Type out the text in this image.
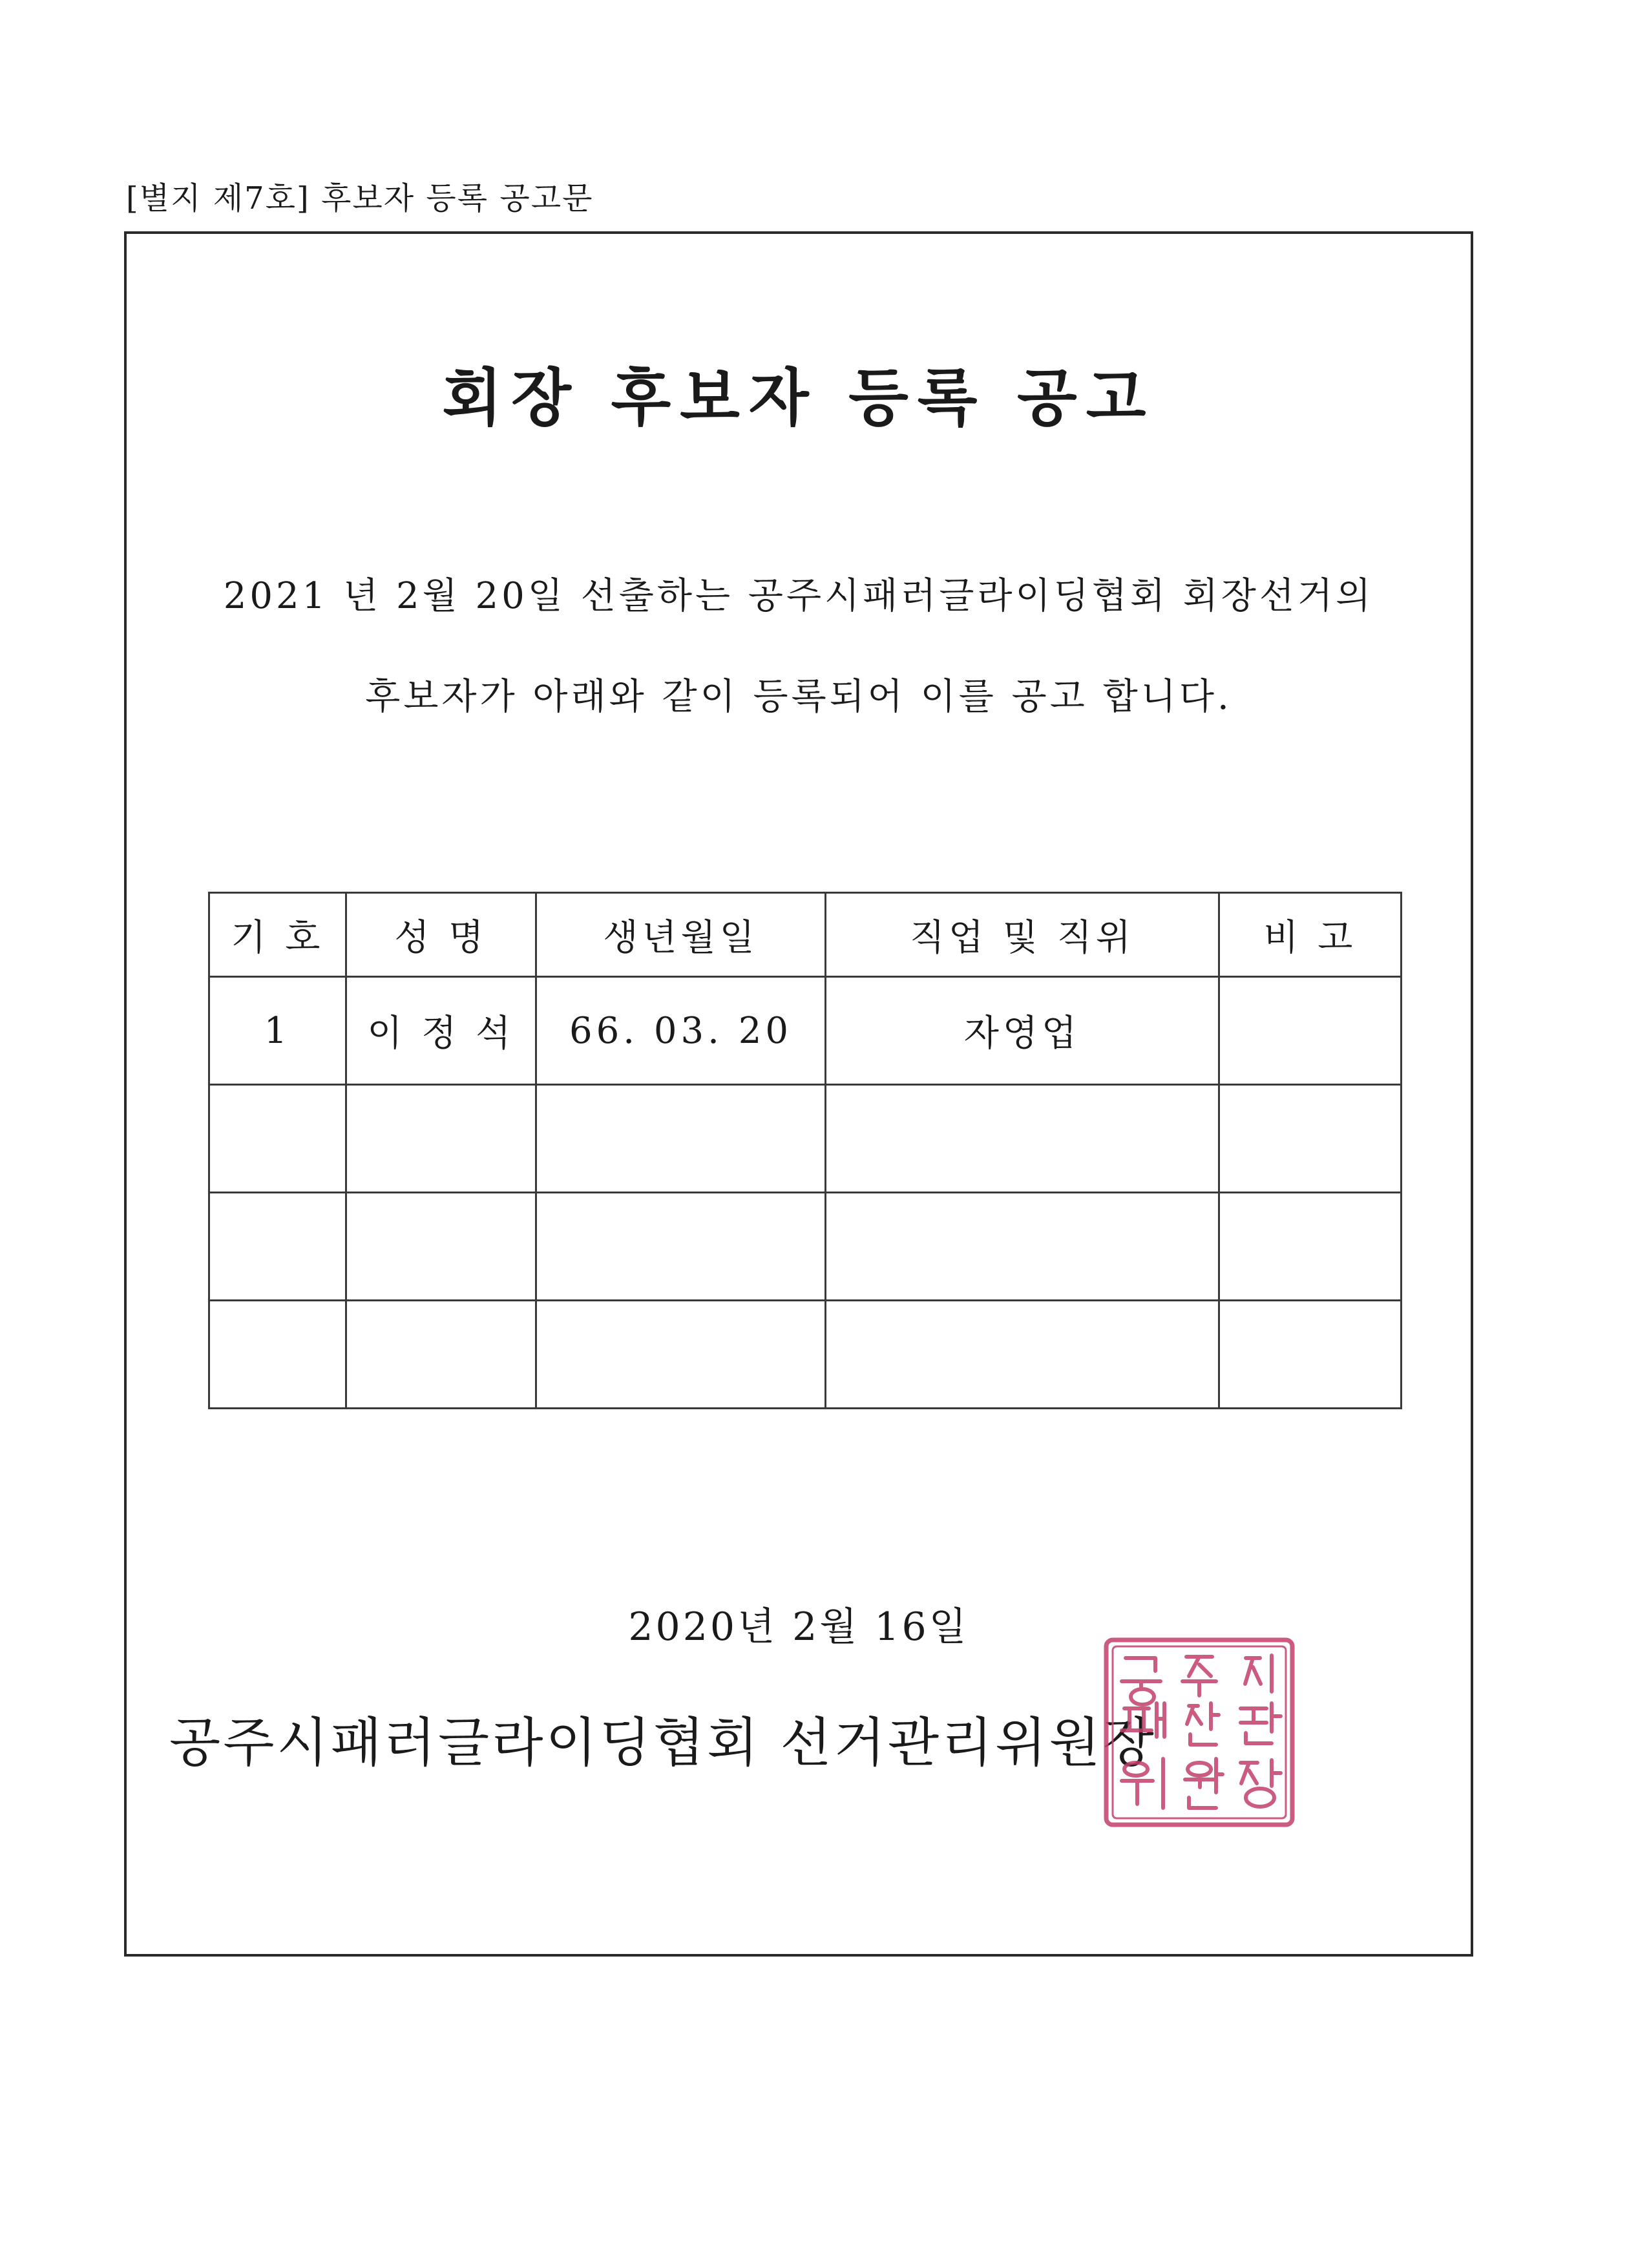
[별지 제7호] 후보자 등록 공고문
회장 후보자 등록 공고
2021 년 2월 20일 선출하는 공주시패러글라이딩협회 회장선거의
후보자가 아래와 같이 등록되어 이를 공고 합니다.
기 호	성 명	생년월일	직업 및 직위	비 고
1	이 정 석	66. 03. 20	자영업	

2020년 2월 16일
공주시패러글라이딩협회 선거관리위원장
